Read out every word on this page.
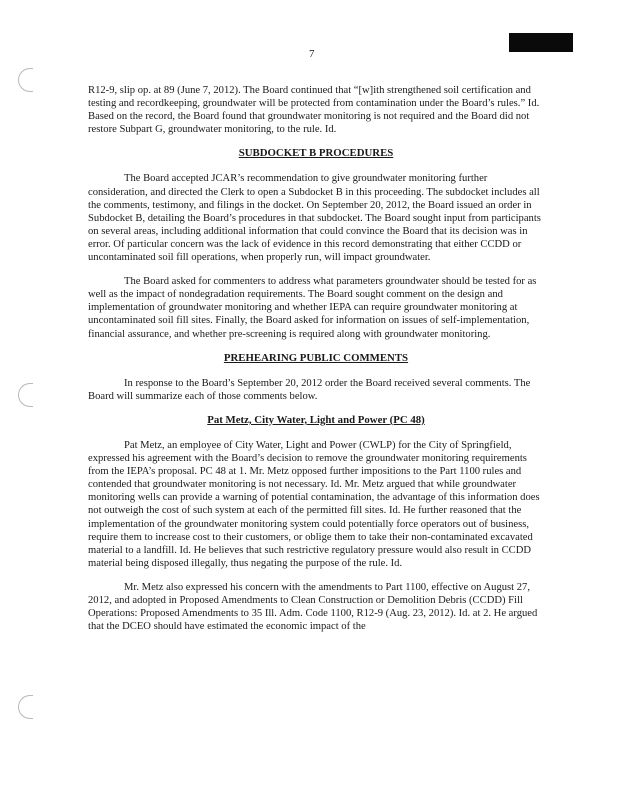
7

R12-9, slip op. at 89 (June 7, 2012). The Board continued that “[w]ith strengthened soil certification and testing and recordkeeping, groundwater will be protected from contamination under the Board’s rules.” Id. Based on the record, the Board found that groundwater monitoring is not required and the Board did not restore Subpart G, groundwater monitoring, to the rule. Id.

SUBDOCKET B PROCEDURES

The Board accepted JCAR’s recommendation to give groundwater monitoring further consideration, and directed the Clerk to open a Subdocket B in this proceeding. The subdocket includes all the comments, testimony, and filings in the docket. On September 20, 2012, the Board issued an order in Subdocket B, detailing the Board’s procedures in that subdocket. The Board sought input from participants on several areas, including additional information that could convince the Board that its decision was in error. Of particular concern was the lack of evidence in this record demonstrating that either CCDD or uncontaminated soil fill operations, when properly run, will impact groundwater.

The Board asked for commenters to address what parameters groundwater should be tested for as well as the impact of nondegradation requirements. The Board sought comment on the design and implementation of groundwater monitoring and whether IEPA can require groundwater monitoring at uncontaminated soil fill sites. Finally, the Board asked for information on issues of self-implementation, financial assurance, and whether pre-screening is required along with groundwater monitoring.

PREHEARING PUBLIC COMMENTS

In response to the Board’s September 20, 2012 order the Board received several comments. The Board will summarize each of those comments below.

Pat Metz, City Water, Light and Power (PC 48)

Pat Metz, an employee of City Water, Light and Power (CWLP) for the City of Springfield, expressed his agreement with the Board’s decision to remove the groundwater monitoring requirements from the IEPA’s proposal. PC 48 at 1. Mr. Metz opposed further impositions to the Part 1100 rules and contended that groundwater monitoring is not necessary. Id. Mr. Metz argued that while groundwater monitoring wells can provide a warning of potential contamination, the advantage of this information does not outweigh the cost of such system at each of the permitted fill sites. Id. He further reasoned that the implementation of the groundwater monitoring system could potentially force operators out of business, require them to increase cost to their customers, or oblige them to take their non-contaminated excavated material to a landfill. Id. He believes that such restrictive regulatory pressure would also result in CCDD material being disposed illegally, thus negating the purpose of the rule. Id.

Mr. Metz also expressed his concern with the amendments to Part 1100, effective on August 27, 2012, and adopted in Proposed Amendments to Clean Construction or Demolition Debris (CCDD) Fill Operations: Proposed Amendments to 35 Ill. Adm. Code 1100, R12-9 (Aug. 23, 2012). Id. at 2. He argued that the DCEO should have estimated the economic impact of the
